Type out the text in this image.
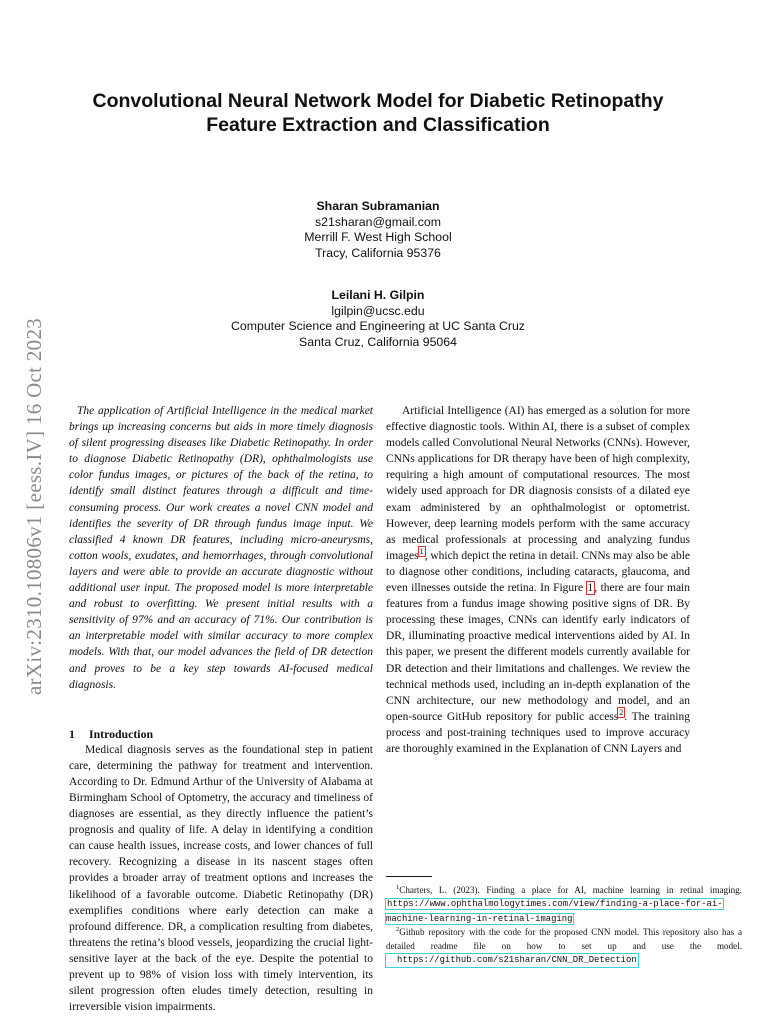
arXiv:2310.10806v1 [eess.IV] 16 Oct 2023
Convolutional Neural Network Model for Diabetic Retinopathy Feature Extraction and Classification
Sharan Subramanian
s21sharan@gmail.com
Merrill F. West High School
Tracy, California 95376
Leilani H. Gilpin
lgilpin@ucsc.edu
Computer Science and Engineering at UC Santa Cruz
Santa Cruz, California 95064

The application of Artificial Intelligence in the medical market brings up increasing concerns but aids in more timely diagnosis of silent progressing diseases like Diabetic Retinopathy. In order to diagnose Diabetic Retinopathy (DR), ophthalmologists use color fundus images, or pictures of the back of the retina, to identify small distinct features through a difficult and time-consuming process. Our work creates a novel CNN model and identifies the severity of DR through fundus image input. We classified 4 known DR features, including micro-aneurysms, cotton wools, exudates, and hemorrhages, through convolutional layers and were able to provide an accurate diagnostic without additional user input. The proposed model is more interpretable and robust to overfitting. We present initial results with a sensitivity of 97% and an accuracy of 71%. Our contribution is an interpretable model with similar accuracy to more complex models. With that, our model advances the field of DR detection and proves to be a key step towards AI-focused medical diagnosis.

1 Introduction

Medical diagnosis serves as the foundational step in patient care, determining the pathway for treatment and intervention. According to Dr. Edmund Arthur of the University of Alabama at Birmingham School of Optometry, the accuracy and timeliness of diagnoses are essential, as they directly influence the patient’s prognosis and quality of life. A delay in identifying a condition can cause health issues, increase costs, and lower chances of full recovery. Recognizing a disease in its nascent stages often provides a broader array of treatment options and increases the likelihood of a favorable outcome. Diabetic Retinopathy (DR) exemplifies conditions where early detection can make a profound difference. DR, a complication resulting from diabetes, threatens the retina’s blood vessels, jeopardizing the crucial light-sensitive layer at the back of the eye. Despite the potential to prevent up to 98% of vision loss with timely intervention, its silent progression often eludes timely detection, resulting in irreversible vision impairments.

Artificial Intelligence (AI) has emerged as a solution for more effective diagnostic tools. Within AI, there is a subset of complex models called Convolutional Neural Networks (CNNs). However, CNNs applications for DR therapy have been of high complexity, requiring a high amount of computational resources. The most widely used approach for DR diagnosis consists of a dilated eye exam administered by an ophthalmologist or optometrist. However, deep learning models perform with the same accuracy as medical professionals at processing and analyzing fundus images$^1$, which depict the retina in detail. CNNs may also be able to diagnose other conditions, including cataracts, glaucoma, and even illnesses outside the retina. In Figure 1, there are four main features from a fundus image showing positive signs of DR. By processing these images, CNNs can identify early indicators of DR, illuminating proactive medical interventions aided by AI. In this paper, we present the different models currently available for DR detection and their limitations and challenges. We review the technical methods used, including an in-depth explanation of the CNN architecture, our new methodology and model, and an open-source GitHub repository for public access$^2$. The training process and post-training techniques used to improve accuracy are thoroughly examined in the Explanation of CNN Layers and

$^1$Charters, L. (2023). Finding a place for AI, machine learning in retinal imaging. https://www.ophthalmologytimes.com/view/finding-a-place-for-ai-machine-learning-in-retinal-imaging

$^2$Github repository with the code for the proposed CNN model. This repository also has a detailed readme file on how to set up and use the model. https://github.com/s21sharan/CNN_DR_Detection
